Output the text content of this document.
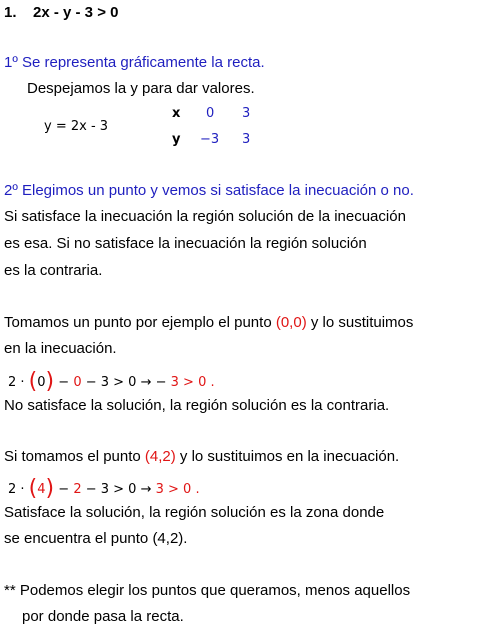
1. 2x - y - 3 > 0
1º Se representa gráficamente la recta.
Despejamos la y para dar valores.
y = 2x - 3
x 0 3
y −3 3
2º Elegimos un punto y vemos si satisface la inecuación o no.
Si satisface la inecuación la región solución de la inecuación
es esa. Si no satisface la inecuación la región solución
es la contraria.
Tomamos un punto por ejemplo el punto (0,0) y lo sustituimos
en la inecuación.
2 · (0) − 0 − 3 > 0 → − 3 > 0 .
No satisface la solución, la región solución es la contraria.
Si tomamos el punto (4,2) y lo sustituimos en la inecuación.
2 · (4) − 2 − 3 > 0 → 3 > 0 .
Satisface la solución, la región solución es la zona donde
se encuentra el punto (4,2).
** Podemos elegir los puntos que queramos, menos aquellos
por donde pasa la recta.
